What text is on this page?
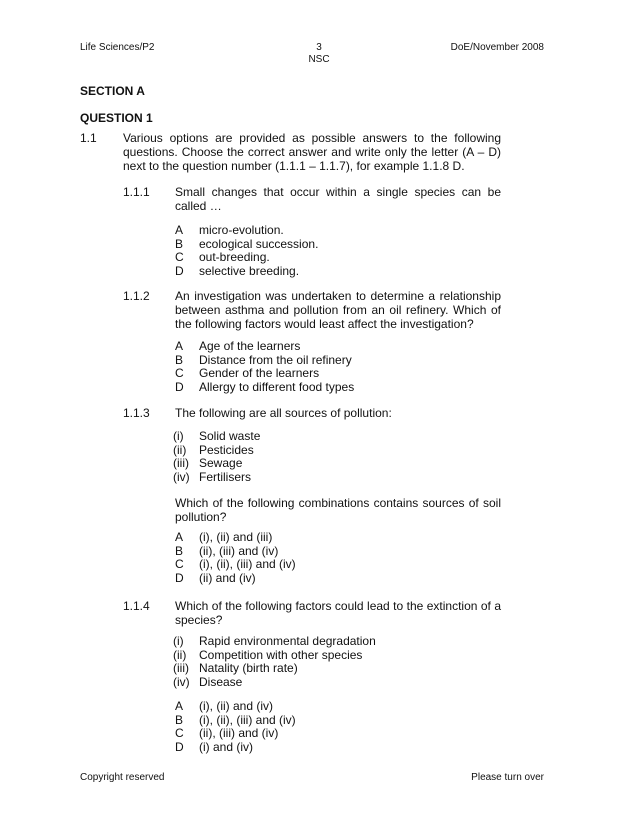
Life Sciences/P2	3
NSC
DoE/November 2008
SECTION A
QUESTION 1
1.1 Various options are provided as possible answers to the following questions. Choose the correct answer and write only the letter (A – D) next to the question number (1.1.1 – 1.1.7), for example 1.1.8 D.
1.1.1 Small changes that occur within a single species can be called …
A micro-evolution.
B ecological succession.
C out-breeding.
D selective breeding.
1.1.2 An investigation was undertaken to determine a relationship between asthma and pollution from an oil refinery. Which of the following factors would least affect the investigation?
A Age of the learners
B Distance from the oil refinery
C Gender of the learners
D Allergy to different food types
1.1.3 The following are all sources of pollution:
(i) Solid waste
(ii) Pesticides
(iii) Sewage
(iv) Fertilisers
Which of the following combinations contains sources of soil pollution?
A (i), (ii) and (iii)
B (ii), (iii) and (iv)
C (i), (ii), (iii) and (iv)
D (ii) and (iv)
1.1.4 Which of the following factors could lead to the extinction of a species?
(i) Rapid environmental degradation
(ii) Competition with other species
(iii) Natality (birth rate)
(iv) Disease
A (i), (ii) and (iv)
B (i), (ii), (iii) and (iv)
C (ii), (iii) and (iv)
D (i) and (iv)
Copyright reserved	Please turn over
